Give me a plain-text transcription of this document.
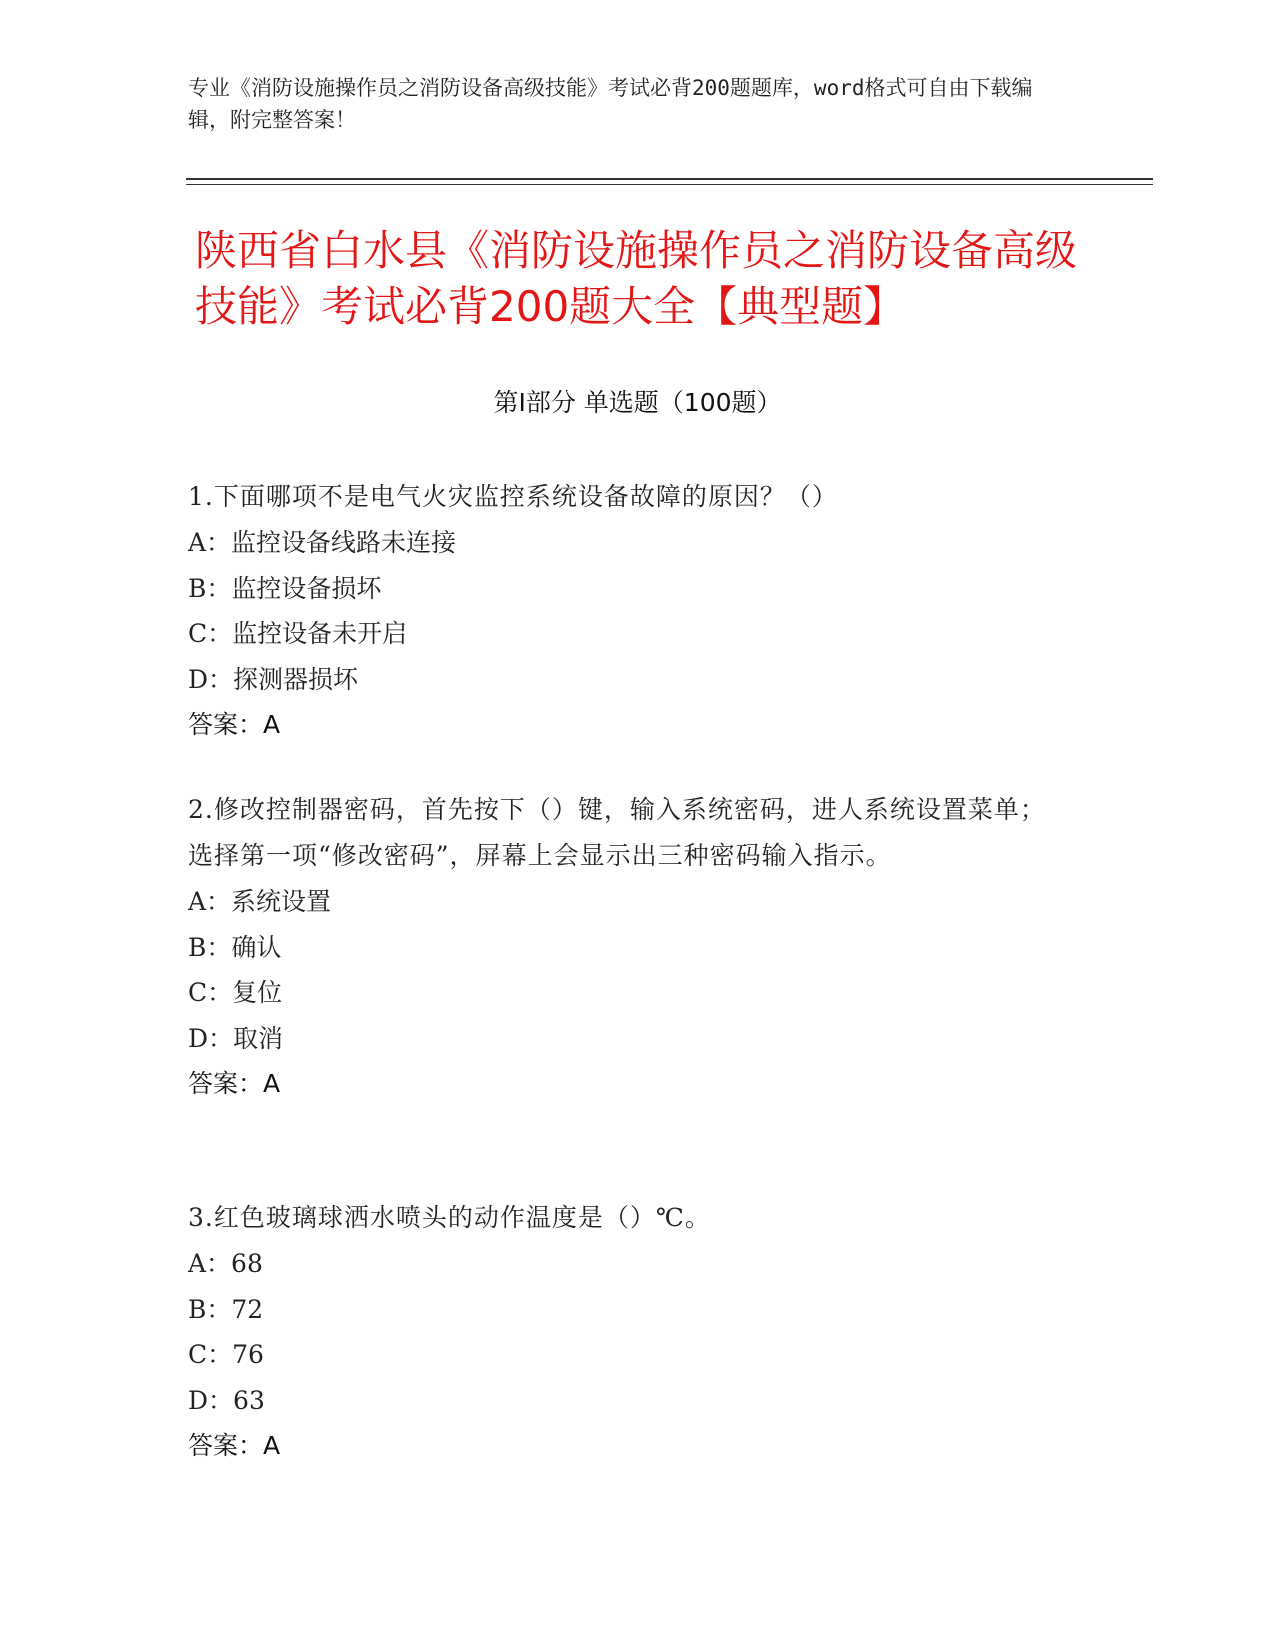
专业《消防设施操作员之消防设备高级技能》考试必背200题题库，word格式可自由下载编辑，附完整答案！
陕西省白水县《消防设施操作员之消防设备高级技能》考试必背200题大全【典型题】
第I部分 单选题（100题）
1.下面哪项不是电气火灾监控系统设备故障的原因？（）
A：监控设备线路未连接
B：监控设备损坏
C：监控设备未开启
D：探测器损坏
答案：A
2.修改控制器密码，首先按下（）键，输入系统密码，进人系统设置菜单；选择第一项“修改密码”，屏幕上会显示出三种密码输入指示。
A：系统设置
B：确认
C：复位
D：取消
答案：A
3.红色玻璃球洒水喷头的动作温度是（）℃。
A：68
B：72
C：76
D：63
答案：A
